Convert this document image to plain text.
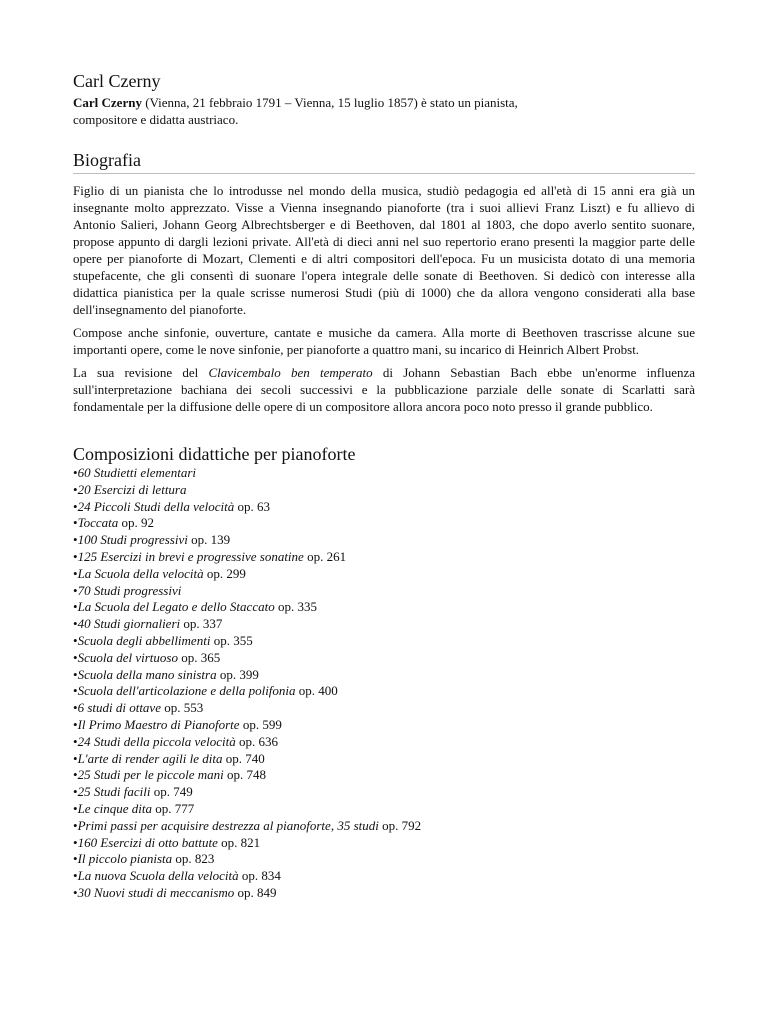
Carl Czerny

Carl Czerny (Vienna, 21 febbraio 1791 – Vienna, 15 luglio 1857) è stato un pianista, compositore e didatta austriaco.

Biografia

Figlio di un pianista che lo introdusse nel mondo della musica, studiò pedagogia ed all'età di 15 anni era già un insegnante molto apprezzato. Visse a Vienna insegnando pianoforte (tra i suoi allievi Franz Liszt) e fu allievo di Antonio Salieri, Johann Georg Albrechtsberger e di Beethoven, dal 1801 al 1803, che dopo averlo sentito suonare, propose appunto di dargli lezioni private. All'età di dieci anni nel suo repertorio erano presenti la maggior parte delle opere per pianoforte di Mozart, Clementi e di altri compositori dell'epoca. Fu un musicista dotato di una memoria stupefacente, che gli consentì di suonare l'opera integrale delle sonate di Beethoven. Si dedicò con interesse alla didattica pianistica per la quale scrisse numerosi Studi (più di 1000) che da allora vengono considerati alla base dell'insegnamento del pianoforte.

Compose anche sinfonie, ouverture, cantate e musiche da camera. Alla morte di Beethoven trascrisse alcune sue importanti opere, come le nove sinfonie, per pianoforte a quattro mani, su incarico di Heinrich Albert Probst.

La sua revisione del Clavicembalo ben temperato di Johann Sebastian Bach ebbe un'enorme influenza sull'interpretazione bachiana dei secoli successivi e la pubblicazione parziale delle sonate di Scarlatti sarà fondamentale per la diffusione delle opere di un compositore allora ancora poco noto presso il grande pubblico.

Composizioni didattiche per pianoforte
•60 Studietti elementari
•20 Esercizi di lettura
•24 Piccoli Studi della velocità op. 63
•Toccata op. 92
•100 Studi progressivi op. 139
•125 Esercizi in brevi e progressive sonatine op. 261
•La Scuola della velocità op. 299
•70 Studi progressivi
•La Scuola del Legato e dello Staccato op. 335
•40 Studi giornalieri op. 337
•Scuola degli abbellimenti op. 355
•Scuola del virtuoso op. 365
•Scuola della mano sinistra op. 399
•Scuola dell'articolazione e della polifonia op. 400
•6 studi di ottave op. 553
•Il Primo Maestro di Pianoforte op. 599
•24 Studi della piccola velocità op. 636
•L'arte di render agili le dita op. 740
•25 Studi per le piccole mani op. 748
•25 Studi facili op. 749
•Le cinque dita op. 777
•Primi passi per acquisire destrezza al pianoforte, 35 studi op. 792
•160 Esercizi di otto battute op. 821
•Il piccolo pianista op. 823
•La nuova Scuola della velocità op. 834
•30 Nuovi studi di meccanismo op. 849
